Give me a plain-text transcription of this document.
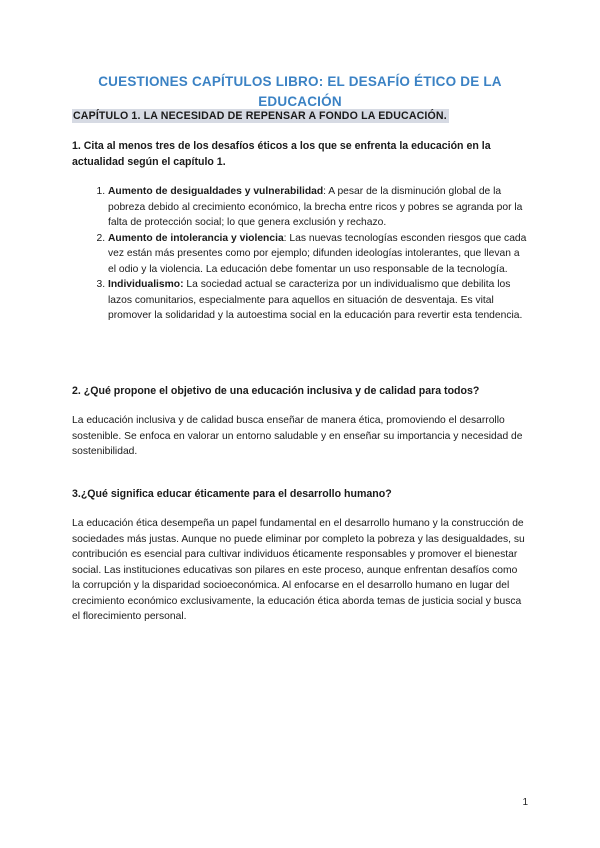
CUESTIONES CAPÍTULOS LIBRO: EL DESAFÍO ÉTICO DE LA EDUCACIÓN
CAPÍTULO 1. LA NECESIDAD DE REPENSAR A FONDO LA EDUCACIÓN.
1. Cita al menos tres de los desafíos éticos a los que se enfrenta la educación en la actualidad según el capítulo 1.
1. Aumento de desigualdades y vulnerabilidad: A pesar de la disminución global de la pobreza debido al crecimiento económico, la brecha entre ricos y pobres se agranda por la falta de protección social; lo que genera exclusión y rechazo.
2. Aumento de intolerancia y violencia: Las nuevas tecnologías esconden riesgos que cada vez están más presentes como por ejemplo; difunden ideologías intolerantes, que llevan a el odio y la violencia. La educación debe fomentar un uso responsable de la tecnología.
3. Individualismo: La sociedad actual se caracteriza por un individualismo que debilita los lazos comunitarios, especialmente para aquellos en situación de desventaja. Es vital promover la solidaridad y la autoestima social en la educación para revertir esta tendencia.
2. ¿Qué propone el objetivo de una educación inclusiva y de calidad para todos?
La educación inclusiva y de calidad busca enseñar de manera ética, promoviendo el desarrollo sostenible. Se enfoca en valorar un entorno saludable y en enseñar su importancia y necesidad de sostenibilidad.
3.¿Qué significa educar éticamente para el desarrollo humano?
La educación ética desempeña un papel fundamental en el desarrollo humano y la construcción de sociedades más justas. Aunque no puede eliminar por completo la pobreza y las desigualdades, su contribución es esencial para cultivar individuos éticamente responsables y promover el bienestar social. Las instituciones educativas son pilares en este proceso, aunque enfrentan desafíos como la corrupción y la disparidad socioeconómica. Al enfocarse en el desarrollo humano en lugar del crecimiento económico exclusivamente, la educación ética aborda temas de justicia social y busca el florecimiento personal.
1
